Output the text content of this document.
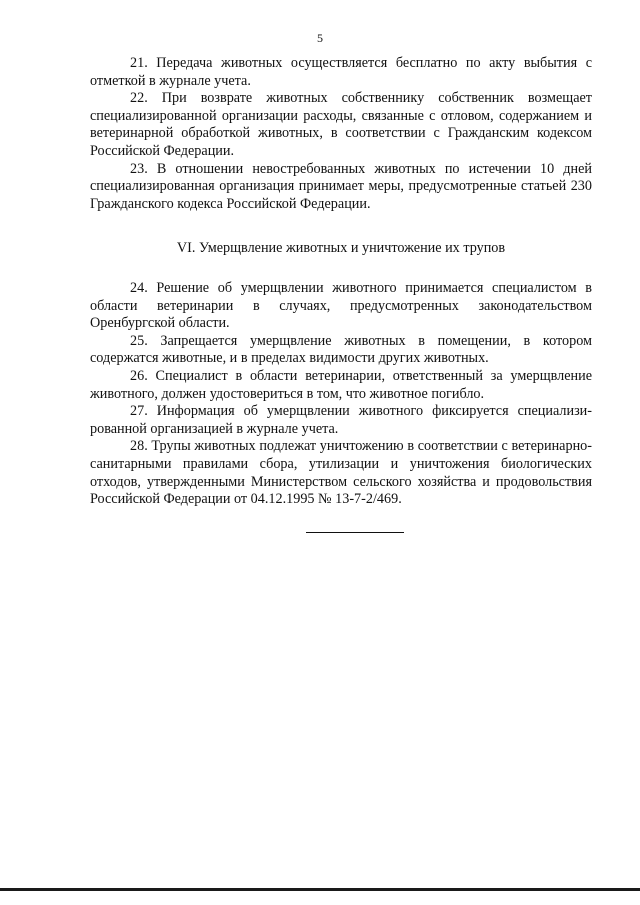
5

21. Передача животных осуществляется бесплатно по акту выбытия с отметкой в журнале учета.

22. При возврате животных собственнику собственник возмещает специализированной организации расходы, связанные с отловом, содержанием и ветеринарной обработкой животных, в соответствии с Гражданским кодексом Российской Федерации.

23. В отношении невостребованных животных по истечении 10 дней специализированная организация принимает меры, предусмотренные статьей 230 Гражданского кодекса Российской Федерации.

VI. Умерщвление животных и уничтожение их трупов

24. Решение об умерщвлении животного принимается специалистом в области ветеринарии в случаях, предусмотренных законодательством Оренбургской области.

25. Запрещается умерщвление животных в помещении, в котором содержатся животные, и в пределах видимости других животных.

26. Специалист в области ветеринарии, ответственный за умерщвление животного, должен удостовериться в том, что животное погибло.

27. Информация об умерщвлении животного фиксируется специализированной организацией в журнале учета.

28. Трупы животных подлежат уничтожению в соответствии с ветеринарно-санитарными правилами сбора, утилизации и уничтожения биологических отходов, утвержденными Министерством сельского хозяйства и продовольствия Российской Федерации от 04.12.1995 № 13-7-2/469.
